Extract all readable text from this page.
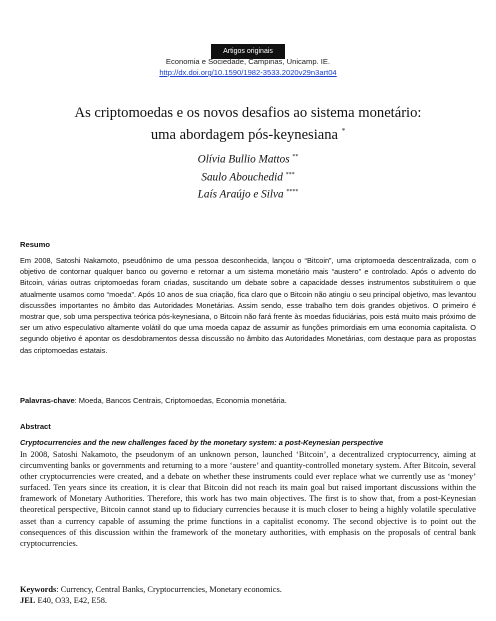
Artigos originais
Economia e Sociedade, Campinas, Unicamp. IE.
http://dx.doi.org/10.1590/1982-3533.2020v29n3art04
As criptomoedas e os novos desafios ao sistema monetário:
uma abordagem pós-keynesiana *
Olívia Bullio Mattos **
Saulo Abouchedid ***
Laís Araújo e Silva ****
Resumo

Em 2008, Satoshi Nakamoto, pseudônimo de uma pessoa desconhecida, lançou o “Bitcoin”, uma criptomoeda descentralizada, com o objetivo de contornar qualquer banco ou governo e retornar a um sistema monetário mais “austero” e controlado. Após o advento do Bitcoin, várias outras criptomoedas foram criadas, suscitando um debate sobre a capacidade desses instrumentos substituírem o que atualmente usamos como “moeda”. Após 10 anos de sua criação, fica claro que o Bitcoin não atingiu o seu principal objetivo, mas levantou discussões importantes no âmbito das Autoridades Monetárias. Assim sendo, esse trabalho tem dois grandes objetivos. O primeiro é mostrar que, sob uma perspectiva teórica pós-keynesiana, o Bitcoin não fará frente às moedas fiduciárias, pois está muito mais próximo de ser um ativo especulativo altamente volátil do que uma moeda capaz de assumir as funções primordiais em uma economia capitalista. O segundo objetivo é apontar os desdobramentos dessa discussão no âmbito das Autoridades Monetárias, com destaque para as propostas das criptomoedas estatais.

Palavras-chave: Moeda, Bancos Centrais, Criptomoedas, Economia monetária.
Abstract
Cryptocurrencies and the new challenges faced by the monetary system: a post-Keynesian perspective

In 2008, Satoshi Nakamoto, the pseudonym of an unknown person, launched ‘Bitcoin’, a decentralized cryptocurrency, aiming at circumventing banks or governments and returning to a more ‘austere’ and quantity-controlled monetary system. After Bitcoin, several other cryptocurrencies were created, and a debate on whether these instruments could ever replace what we currently use as ‘money’ surfaced. Ten years since its creation, it is clear that Bitcoin did not reach its main goal but raised important discussions within the framework of Monetary Authorities. Therefore, this work has two main objectives. The first is to show that, from a post-Keynesian theoretical perspective, Bitcoin cannot stand up to fiduciary currencies because it is much closer to being a highly volatile speculative asset than a currency capable of assuming the prime functions in a capitalist economy. The second objective is to point out the consequences of this discussion within the framework of the monetary authorities, with emphasis on the proposals of central bank cryptocurrencies.

Keywords: Currency, Central Banks, Cryptocurrencies, Monetary economics.
JEL E40, O33, E42, E58.
